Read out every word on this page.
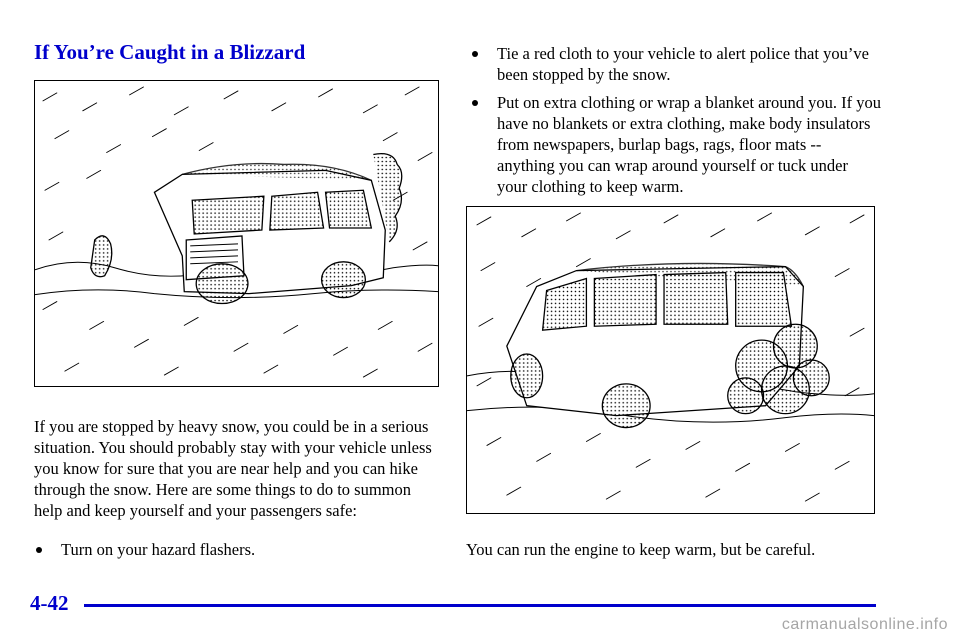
If You’re Caught in a Blizzard

If you are stopped by heavy snow, you could be in a serious situation. You should probably stay with your vehicle unless you know for sure that you are near help and you can hike through the snow. Here are some things to do to summon help and keep yourself and your passengers safe:

Turn on your hazard flashers.
Tie a red cloth to your vehicle to alert police that you’ve been stopped by the snow.
Put on extra clothing or wrap a blanket around you. If you have no blankets or extra clothing, make body insulators from newspapers, burlap bags, rags, floor mats -- anything you can wrap around yourself or tuck under your clothing to keep warm.

You can run the engine to keep warm, but be careful.

4-42
carmanualsonline.info
